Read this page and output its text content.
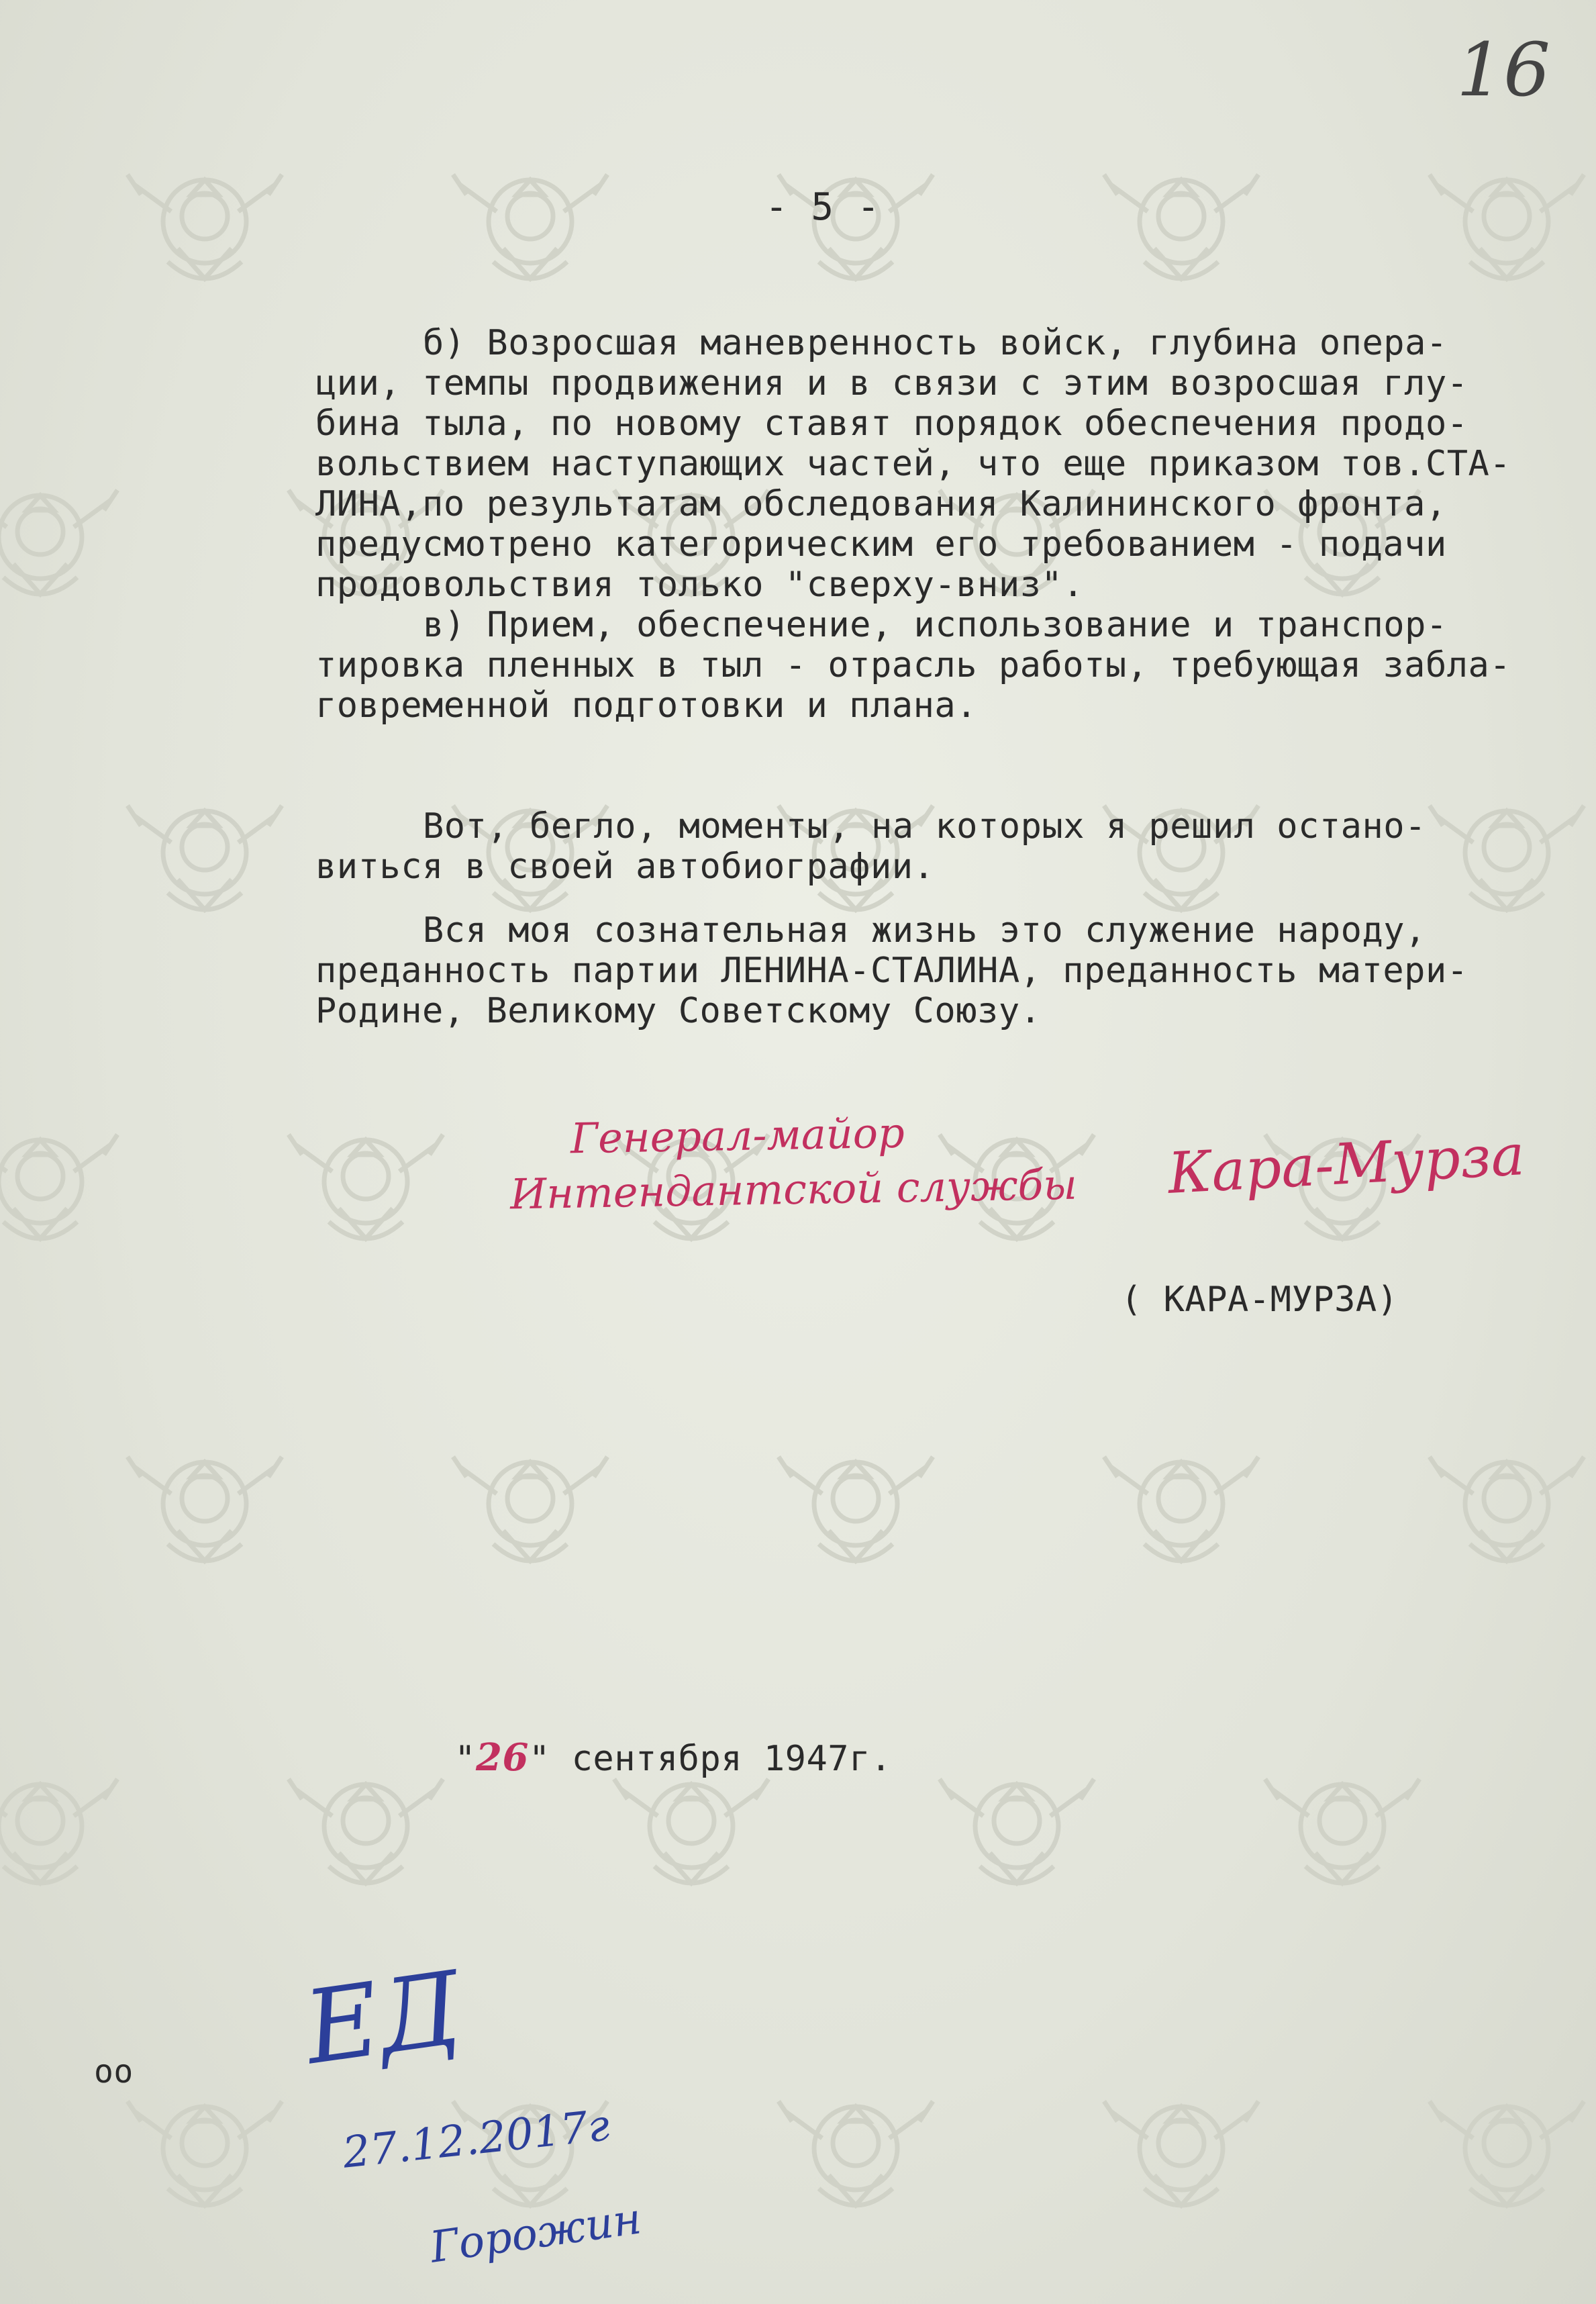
16
- 5 -
б) Возросшая маневренность войск, глубина опера-
ции, темпы продвижения и в связи с этим возросшая глу-
бина тыла, по новому ставят порядок обеспечения продо-
вольствием наступающих частей, что еще приказом тов.СТА-
ЛИНА,по результатам обследования Калининского фронта,
предусмотрено категорическим его требованием - подачи
продовольствия только "сверху-вниз".
в) Прием, обеспечение, использование и транспор-
тировка пленных в тыл - отрасль работы, требующая забла-
говременной подготовки и плана.
Вот, бегло, моменты, на которых я решил остано-
виться в своей автобиографии.
Вся моя сознательная жизнь это служение народу,
преданность партии ЛЕНИНА-СТАЛИНА, преданность матери-
Родине, Великому Советскому Союзу.
Генерал-майор
Интендантской службы Кара-Мурза
( КАРА-МУРЗА)

"26" сентября 1947г.

оо ЕД
27.12.2017г
Горожин
